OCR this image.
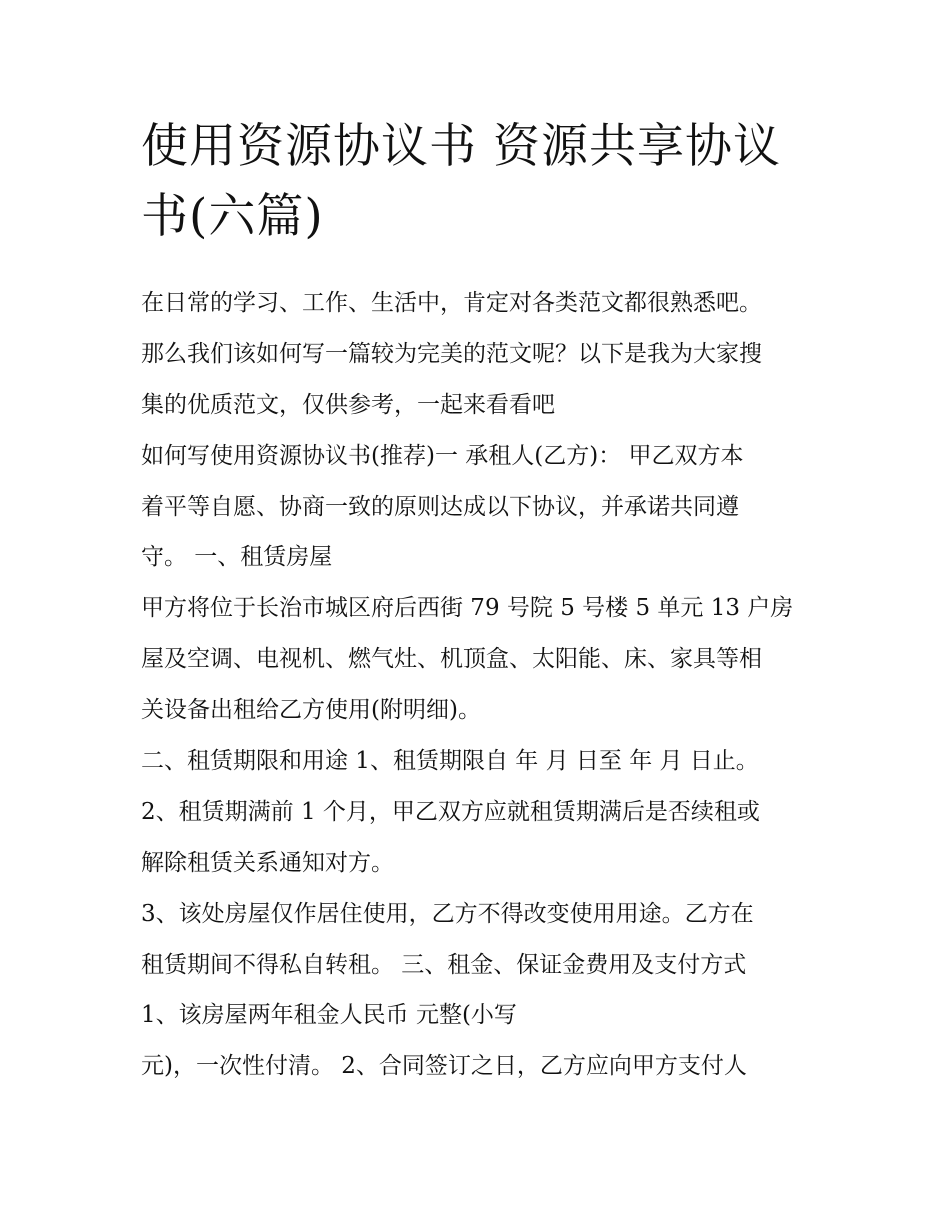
使用资源协议书 资源共享协议
书(六篇)
在日常的学习、工作、生活中，肯定对各类范文都很熟悉吧。
那么我们该如何写一篇较为完美的范文呢？以下是我为大家搜
集的优质范文，仅供参考，一起来看看吧
如何写使用资源协议书(推荐)一 承租人(乙方)： 甲乙双方本
着平等自愿、协商一致的原则达成以下协议，并承诺共同遵
守。 一、租赁房屋
甲方将位于长治市城区府后西街 79 号院 5 号楼 5 单元 13 户房
屋及空调、电视机、燃气灶、机顶盒、太阳能、床、家具等相
关设备出租给乙方使用(附明细)。
二、租赁期限和用途 1、租赁期限自 年 月 日至 年 月 日止。
2、租赁期满前 1 个月，甲乙双方应就租赁期满后是否续租或
解除租赁关系通知对方。
3、该处房屋仅作居住使用，乙方不得改变使用用途。乙方在
租赁期间不得私自转租。 三、租金、保证金费用及支付方式
1、该房屋两年租金人民币 元整(小写
元)，一次性付清。 2、合同签订之日，乙方应向甲方支付人
